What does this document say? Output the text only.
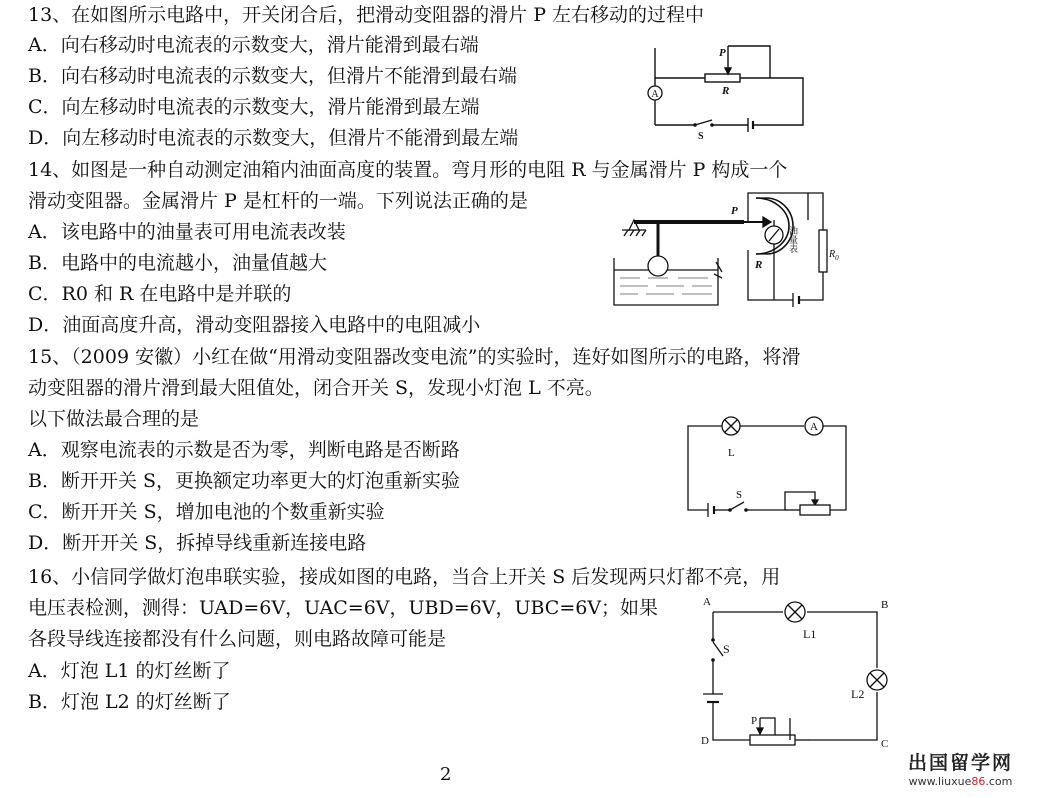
13、在如图所示电路中，开关闭合后，把滑动变阻器的滑片 P 左右移动的过程中
A．向右移动时电流表的示数变大，滑片能滑到最右端
B．向右移动时电流表的示数变大，但滑片不能滑到最右端
C．向左移动时电流表的示数变大，滑片能滑到最左端
D．向左移动时电流表的示数变大，但滑片不能滑到最左端
A
P
R
S
14、如图是一种自动测定油箱内油面高度的装置。弯月形的电阻 R 与金属滑片 P 构成一个
滑动变阻器。金属滑片 P 是杠杆的一端。下列说法正确的是
A．该电路中的油量表可用电流表改装
B．电路中的电流越小，油量值越大
C．R0 和 R 在电路中是并联的
D．油面高度升高，滑动变阻器接入电路中的电阻减小
P
R
油量表
$R_0$
15、（2009 安徽）小红在做“用滑动变阻器改变电流”的实验时，连好如图所示的电路，将滑
动变阻器的滑片滑到最大阻值处，闭合开关 S，发现小灯泡 L 不亮。
以下做法最合理的是
A．观察电流表的示数是否为零，判断电路是否断路
B．断开开关 S，更换额定功率更大的灯泡重新实验
C．断开开关 S，增加电池的个数重新实验
D．断开开关 S，拆掉导线重新连接电路
A
L
S
16、小信同学做灯泡串联实验，接成如图的电路，当合上开关 S 后发现两只灯都不亮，用
电压表检测，测得：UAD=6V，UAC=6V，UBD=6V，UBC=6V；如果
各段导线连接都没有什么问题，则电路故障可能是
A．灯泡 L1 的灯丝断了
B．灯泡 L2 的灯丝断了
A	B
C
D
S
L1
L2
P
2
出国留学网
www.liuxue86.com
